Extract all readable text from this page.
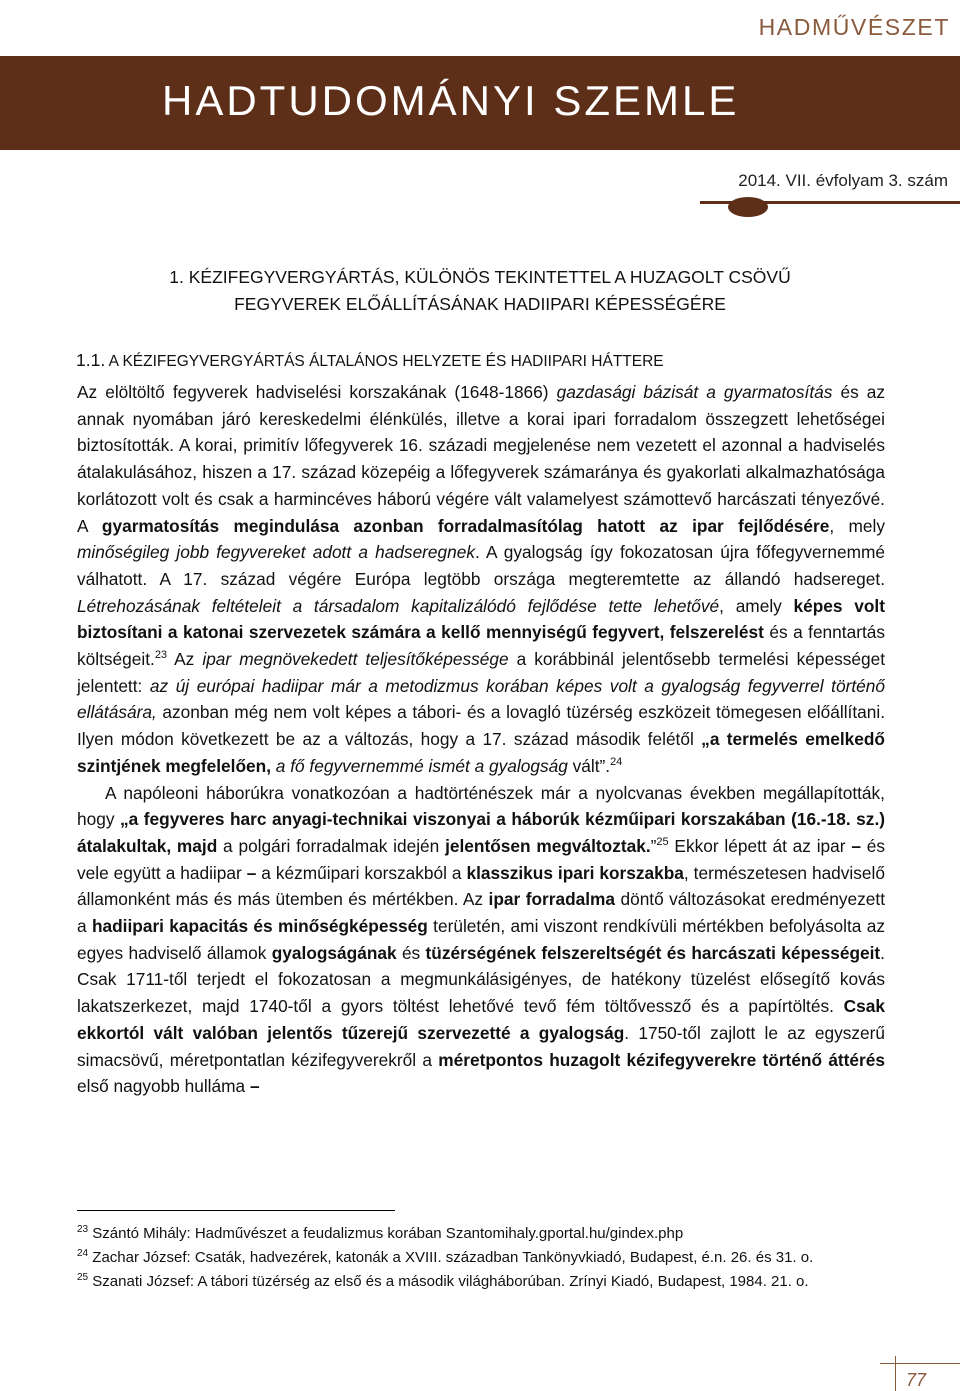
HADMŰVÉSZET
HADTUDOMÁNYI SZEMLE
2014. VII. évfolyam 3. szám
1. KÉZIFEGYVERGYÁRTÁS, KÜLÖNÖS TEKINTETTEL A HUZAGOLT CSÖVŰ
FEGYVEREK ELŐÁLLÍTÁSÁNAK HADIIPARI KÉPESSÉGÉRE
1.1. A KÉZIFEGYVERGYÁRTÁS ÁLTALÁNOS HELYZETE ÉS HADIIPARI HÁTTERE

Az elöltöltő fegyverek hadviselési korszakának (1648-1866) gazdasági bázisát a gyarmatosítás és az annak nyomában járó kereskedelmi élénkülés, illetve a korai ipari forradalom összegzett lehetőségei biztosították. A korai, primitív lőfegyverek 16. századi megjelenése nem vezetett el azonnal a hadviselés átalakulásához, hiszen a 17. század közepéig a lőfegyverek számaránya és gyakorlati alkalmazhatósága korlátozott volt és csak a harmincéves háború végére vált valamelyest számottevő harcászati tényezővé. A gyarmatosítás megindulása azonban forradalmasítólag hatott az ipar fejlődésére, mely minőségileg jobb fegyvereket adott a hadseregnek. A gyalogság így fokozatosan újra főfegyvernemmé válhatott. A 17. század végére Európa legtöbb országa megteremtette az állandó hadsereget. Létrehozásának feltételeit a társadalom kapitalizálódó fejlődése tette lehetővé, amely képes volt biztosítani a katonai szervezetek számára a kellő mennyiségű fegyvert, felszerelést és a fenntartás költségeit.$^{23}$ Az ipar megnövekedett teljesítőképessége a korábbinál jelentősebb termelési képességet jelentett: az új európai hadiipar már a metodizmus korában képes volt a gyalogság fegyverrel történő ellátására, azonban még nem volt képes a tábori- és a lovagló tüzérség eszközeit tömegesen előállítani. Ilyen módon következett be az a változás, hogy a 17. század második felétől „a termelés emelkedő szintjének megfelelően, a fő fegyvernemmé ismét a gyalogság vált”.$^{24}$

A napóleoni háborúkra vonatkozóan a hadtörténészek már a nyolcvanas években megállapították, hogy „a fegyveres harc anyagi-technikai viszonyai a háborúk kézműipari korszakában (16.-18. sz.) átalakultak, majd a polgári forradalmak idején jelentősen megváltoztak.”$^{25}$ Ekkor lépett át az ipar – és vele együtt a hadiipar – a kézműipari korszakból a klasszikus ipari korszakba, természetesen hadviselő államonként más és más ütemben és mértékben. Az ipar forradalma döntő változásokat eredményezett a hadiipari kapacitás és minőségképesség területén, ami viszont rendkívüli mértékben befolyásolta az egyes hadviselő államok gyalogságának és tüzérségének felszereltségét és harcászati képességeit. Csak 1711-től terjedt el fokozatosan a megmunkálásigényes, de hatékony tüzelést elősegítő kovás lakatszerkezet, majd 1740-től a gyors töltést lehetővé tevő fém töltővessző és a papírtöltés. Csak ekkortól vált valóban jelentős tűzerejű szervezetté a gyalogság. 1750-től zajlott le az egyszerű simacsövű, méretpontatlan kézifegyverekről a méretpontos huzagolt kézifegyverekre történő áttérés első nagyobb hulláma –

$^{23}$ Szántó Mihály: Hadművészet a feudalizmus korában Szantomihaly.gportal.hu/gindex.php

$^{24}$ Zachar József: Csaták, hadvezérek, katonák a XVIII. században Tankönyvkiadó, Budapest, é.n. 26. és 31. o.

$^{25}$ Szanati József: A tábori tüzérség az első és a második világháborúban. Zrínyi Kiadó, Budapest, 1984. 21. o.

77
